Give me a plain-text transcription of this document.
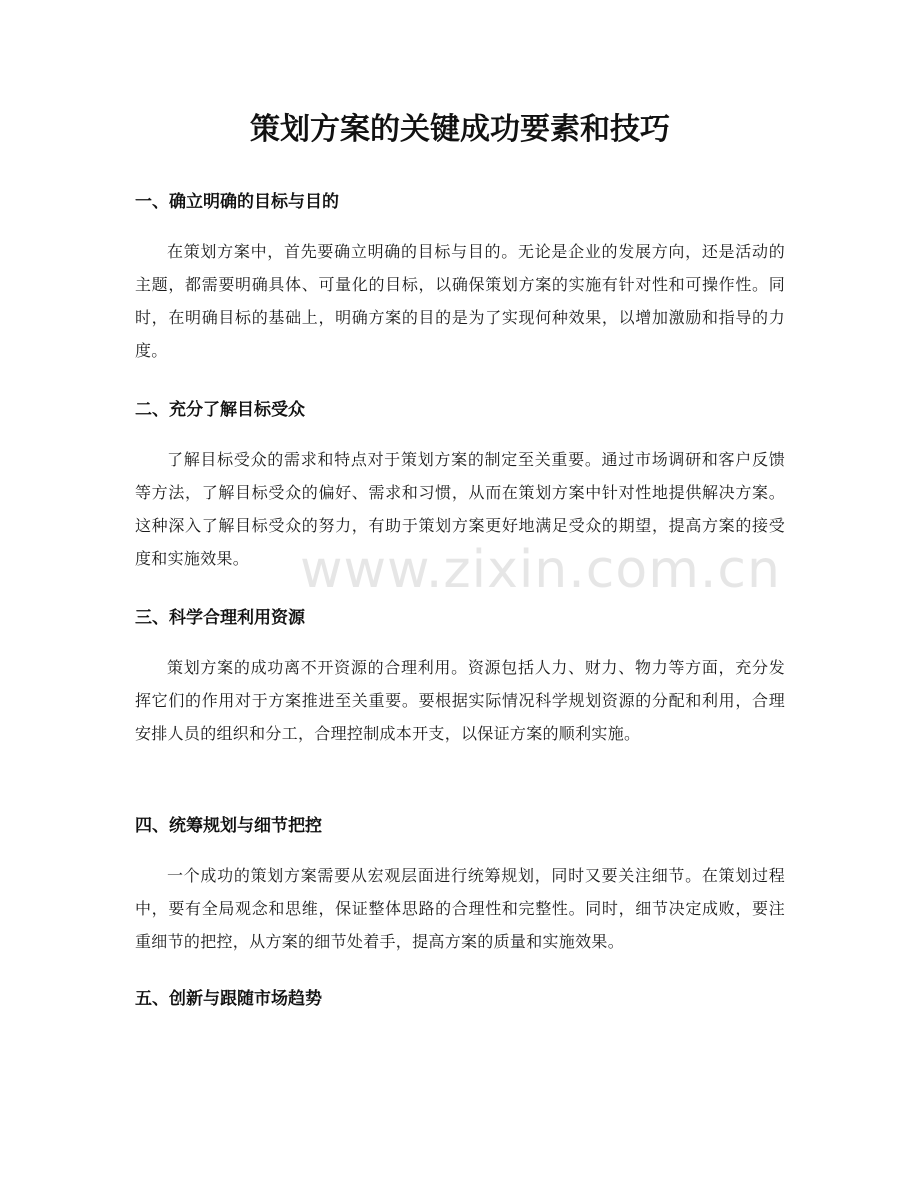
策划方案的关键成功要素和技巧
一、确立明确的目标与目的

在策划方案中，首先要确立明确的目标与目的。无论是企业的发展方向，还是活动的主题，都需要明确具体、可量化的目标，以确保策划方案的实施有针对性和可操作性。同时，在明确目标的基础上，明确方案的目的是为了实现何种效果，以增加激励和指导的力度。

二、充分了解目标受众

了解目标受众的需求和特点对于策划方案的制定至关重要。通过市场调研和客户反馈等方法，了解目标受众的偏好、需求和习惯，从而在策划方案中针对性地提供解决方案。这种深入了解目标受众的努力，有助于策划方案更好地满足受众的期望，提高方案的接受度和实施效果。

三、科学合理利用资源

策划方案的成功离不开资源的合理利用。资源包括人力、财力、物力等方面，充分发挥它们的作用对于方案推进至关重要。要根据实际情况科学规划资源的分配和利用，合理安排人员的组织和分工，合理控制成本开支，以保证方案的顺利实施。

四、统筹规划与细节把控

一个成功的策划方案需要从宏观层面进行统筹规划，同时又要关注细节。在策划过程中，要有全局观念和思维，保证整体思路的合理性和完整性。同时，细节决定成败，要注重细节的把控，从方案的细节处着手，提高方案的质量和实施效果。

五、创新与跟随市场趋势
www.zixin.com.cn
